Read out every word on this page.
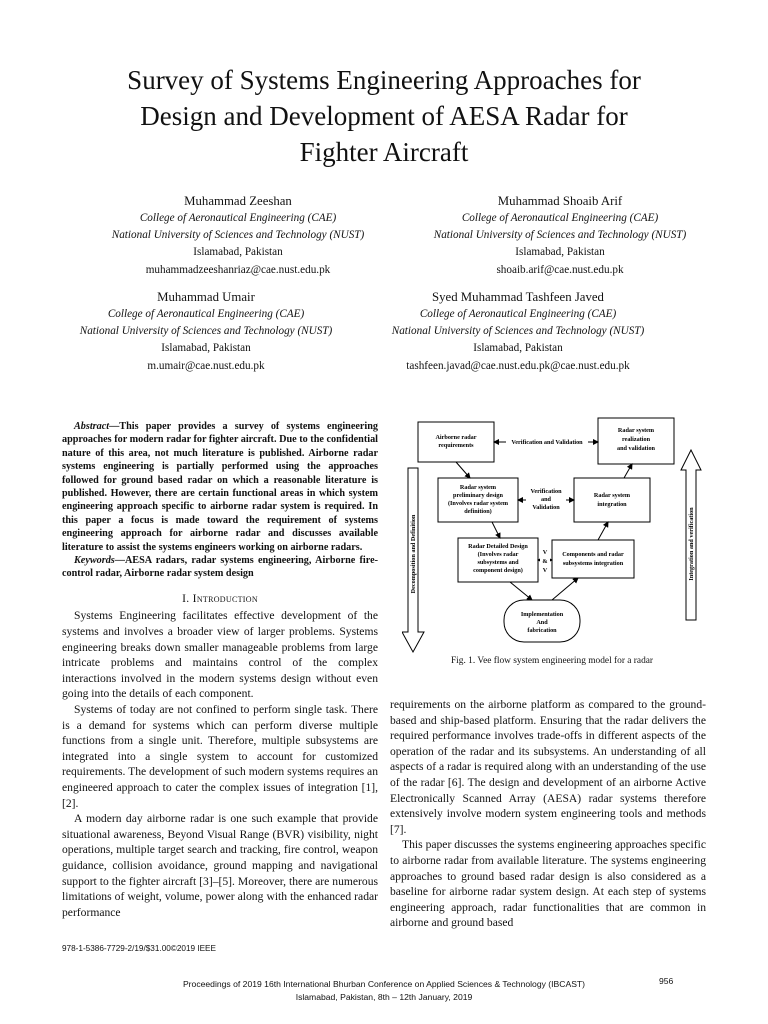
Survey of Systems Engineering Approaches for
Design and Development of AESA Radar for
Fighter Aircraft
Muhammad Zeeshan
College of Aeronautical Engineering (CAE)
National University of Sciences and Technology (NUST)
Islamabad, Pakistan
muhammadzeeshanriaz@cae.nust.edu.pk
Muhammad Shoaib Arif
College of Aeronautical Engineering (CAE)
National University of Sciences and Technology (NUST)
Islamabad, Pakistan
shoaib.arif@cae.nust.edu.pk
Muhammad Umair
College of Aeronautical Engineering (CAE)
National University of Sciences and Technology (NUST)
Islamabad, Pakistan
m.umair@cae.nust.edu.pk
Syed Muhammad Tashfeen Javed
College of Aeronautical Engineering (CAE)
National University of Sciences and Technology (NUST)
Islamabad, Pakistan
tashfeen.javad@cae.nust.edu.pk@cae.nust.edu.pk

Abstract—This paper provides a survey of systems engineering approaches for modern radar for fighter aircraft. Due to the confidential nature of this area, not much literature is published. Airborne radar systems engineering is partially performed using the approaches followed for ground based radar on which a reasonable literature is published. However, there are certain functional areas in which system engineering approach specific to airborne radar system is required. In this paper a focus is made toward the requirement of systems engineering approach for airborne radar and discusses available literature to assist the systems engineers working on airborne radars.

Keywords—AESA radars, radar systems engineering, Airborne fire-control radar, Airborne radar system design

I. Introduction

Systems Engineering facilitates effective development of the systems and involves a broader view of larger problems. Systems engineering breaks down smaller manageable problems from large intricate problems and maintains control of the complex interactions involved in the modern systems design without even going into the details of each component.

Systems of today are not confined to perform single task. There is a demand for systems which can perform diverse multiple functions from a single unit. Therefore, multiple subsystems are integrated into a single system to account for customized requirements. The development of such modern systems requires an engineered approach to cater the complex issues of integration [1], [2].

A modern day airborne radar is one such example that provide situational awareness, Beyond Visual Range (BVR) visibility, night operations, multiple target search and tracking, fire control, weapon guidance, collision avoidance, ground mapping and navigational support to the fighter aircraft [3]–[5]. Moreover, there are numerous limitations of weight, volume, power along with the enhanced radar performance

Decomposition and Definition	Integration and verification
Airborne radar
requirements
Radar system
realization
and validation
Radar system
preliminary design
(Involves radar system
definition)
Radar system
integration
Radar Detailed Design
(Involves radar
subsystems and
component design)
Components and radar
subsystems integration
Implementation
And
fabrication
Verification and Validation
Verification
and
Validation
V
&
V
Fig. 1. Vee flow system engineering model for a radar

requirements on the airborne platform as compared to the ground-based and ship-based platform. Ensuring that the radar delivers the required performance involves trade-offs in different aspects of the operation of the radar and its subsystems. An understanding of all aspects of a radar is required along with an understanding of the use of the radar [6]. The design and development of an airborne Active Electronically Scanned Array (AESA) radar systems therefore extensively involve modern system engineering tools and methods [7].

This paper discusses the systems engineering approaches specific to airborne radar from available literature. The systems engineering approaches to ground based radar design is also considered as a baseline for airborne radar system design. At each step of systems engineering approach, radar functionalities that are common in airborne and ground based

978-1-5386-7729-2/19/$31.00©2019 IEEE
Proceedings of 2019 16th International Bhurban Conference on Applied Sciences & Technology (IBCAST)
Islamabad, Pakistan, 8th – 12th January, 2019
956
